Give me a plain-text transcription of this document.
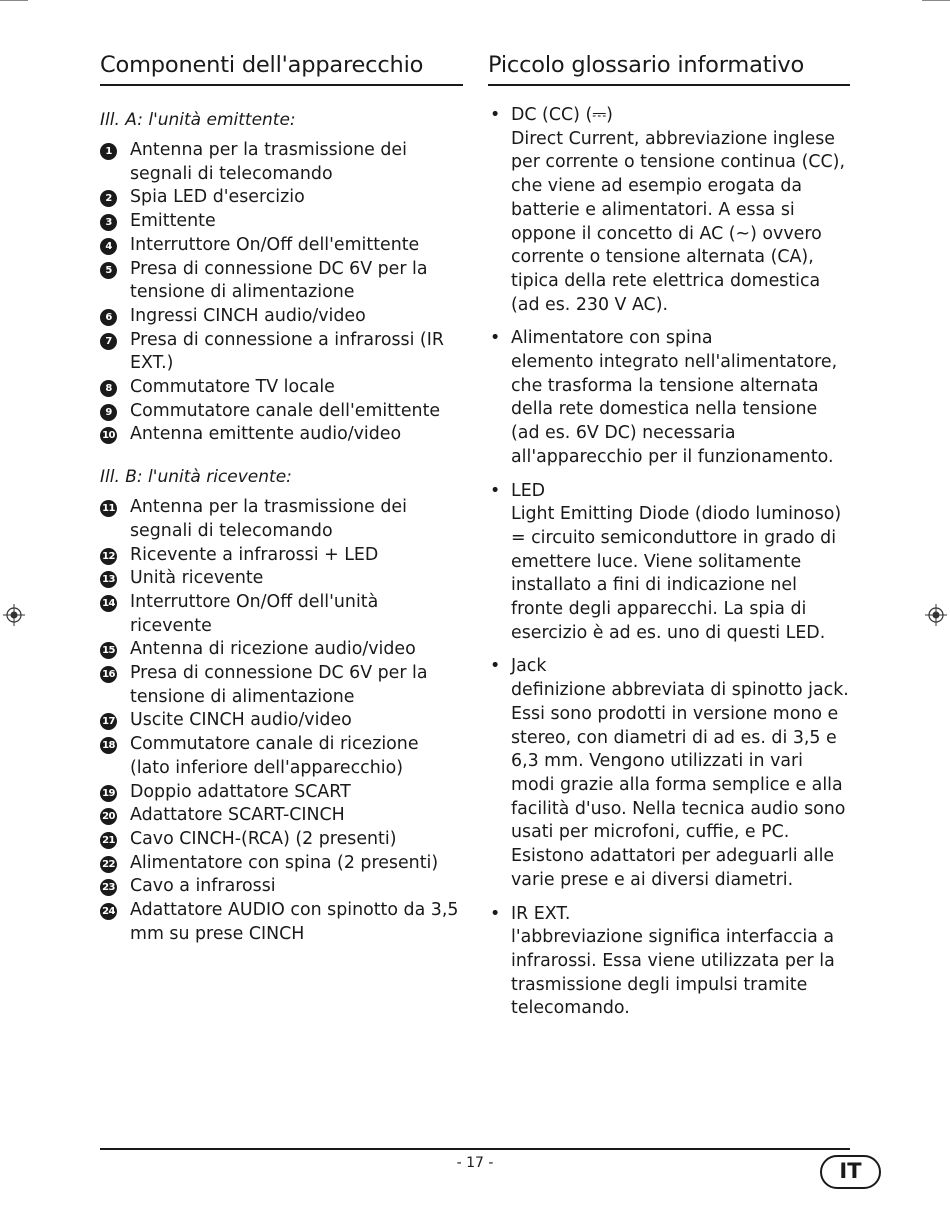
Componenti dell'apparecchio
Ill. A: l'unità emittente:
1	Antenna per la trasmissione dei segnali di telecomando
2	Spia LED d'esercizio
3	Emittente
4	Interruttore On/Off dell'emittente
5	Presa di connessione DC 6V per la tensione di alimentazione
6	Ingressi CINCH audio/video
7	Presa di connessione a infrarossi (IR EXT.)
8	Commutatore TV locale
9	Commutatore canale dell'emittente
10 Antenna emittente audio/video
Ill. B: l'unità ricevente:
11 Antenna per la trasmissione dei segnali di telecomando
12 Ricevente a infrarossi + LED
13 Unità ricevente
14 Interruttore On/Off dell'unità ricevente
15 Antenna di ricezione audio/video
16 Presa di connessione DC 6V per la tensione di alimentazione
17 Uscite CINCH audio/video
18 Commutatore canale di ricezione (lato inferiore dell'apparecchio)
19 Doppio adattatore SCART
20 Adattatore SCART-CINCH
21 Cavo CINCH-(RCA) (2 presenti)
22 Alimentatore con spina (2 presenti)
23 Cavo a infrarossi
24 Adattatore AUDIO con spinotto da 3,5 mm su prese CINCH
Piccolo glossario informativo
• DC (CC) (⎓)
Direct Current, abbreviazione inglese per corrente o tensione continua (CC), che viene ad esempio erogata da batterie e alimentatori. A essa si oppone il concetto di AC (~) ovvero corrente o tensione alternata (CA), tipica della rete elettrica domestica (ad es. 230 V AC).
• Alimentatore con spina
elemento integrato nell'alimentatore, che trasforma la tensione alternata della rete domestica nella tensione (ad es. 6V DC) necessaria all'apparecchio per il funzionamento.
• LED
Light Emitting Diode (diodo luminoso) = circuito semiconduttore in grado di emettere luce. Viene solitamente installato a fini di indicazione nel fronte degli apparecchi. La spia di esercizio è ad es. uno di questi LED.
• Jack
definizione abbreviata di spinotto jack. Essi sono prodotti in versione mono e stereo, con diametri di ad es. di 3,5 e 6,3 mm. Vengono utilizzati in vari modi grazie alla forma semplice e alla facilità d'uso. Nella tecnica audio sono usati per microfoni, cuffie, e PC. Esistono adattatori per adeguarli alle varie prese e ai diversi diametri.
• IR EXT.
l'abbreviazione significa interfaccia a infrarossi. Essa viene utilizzata per la trasmissione degli impulsi tramite telecomando.
- 17 -	IT
